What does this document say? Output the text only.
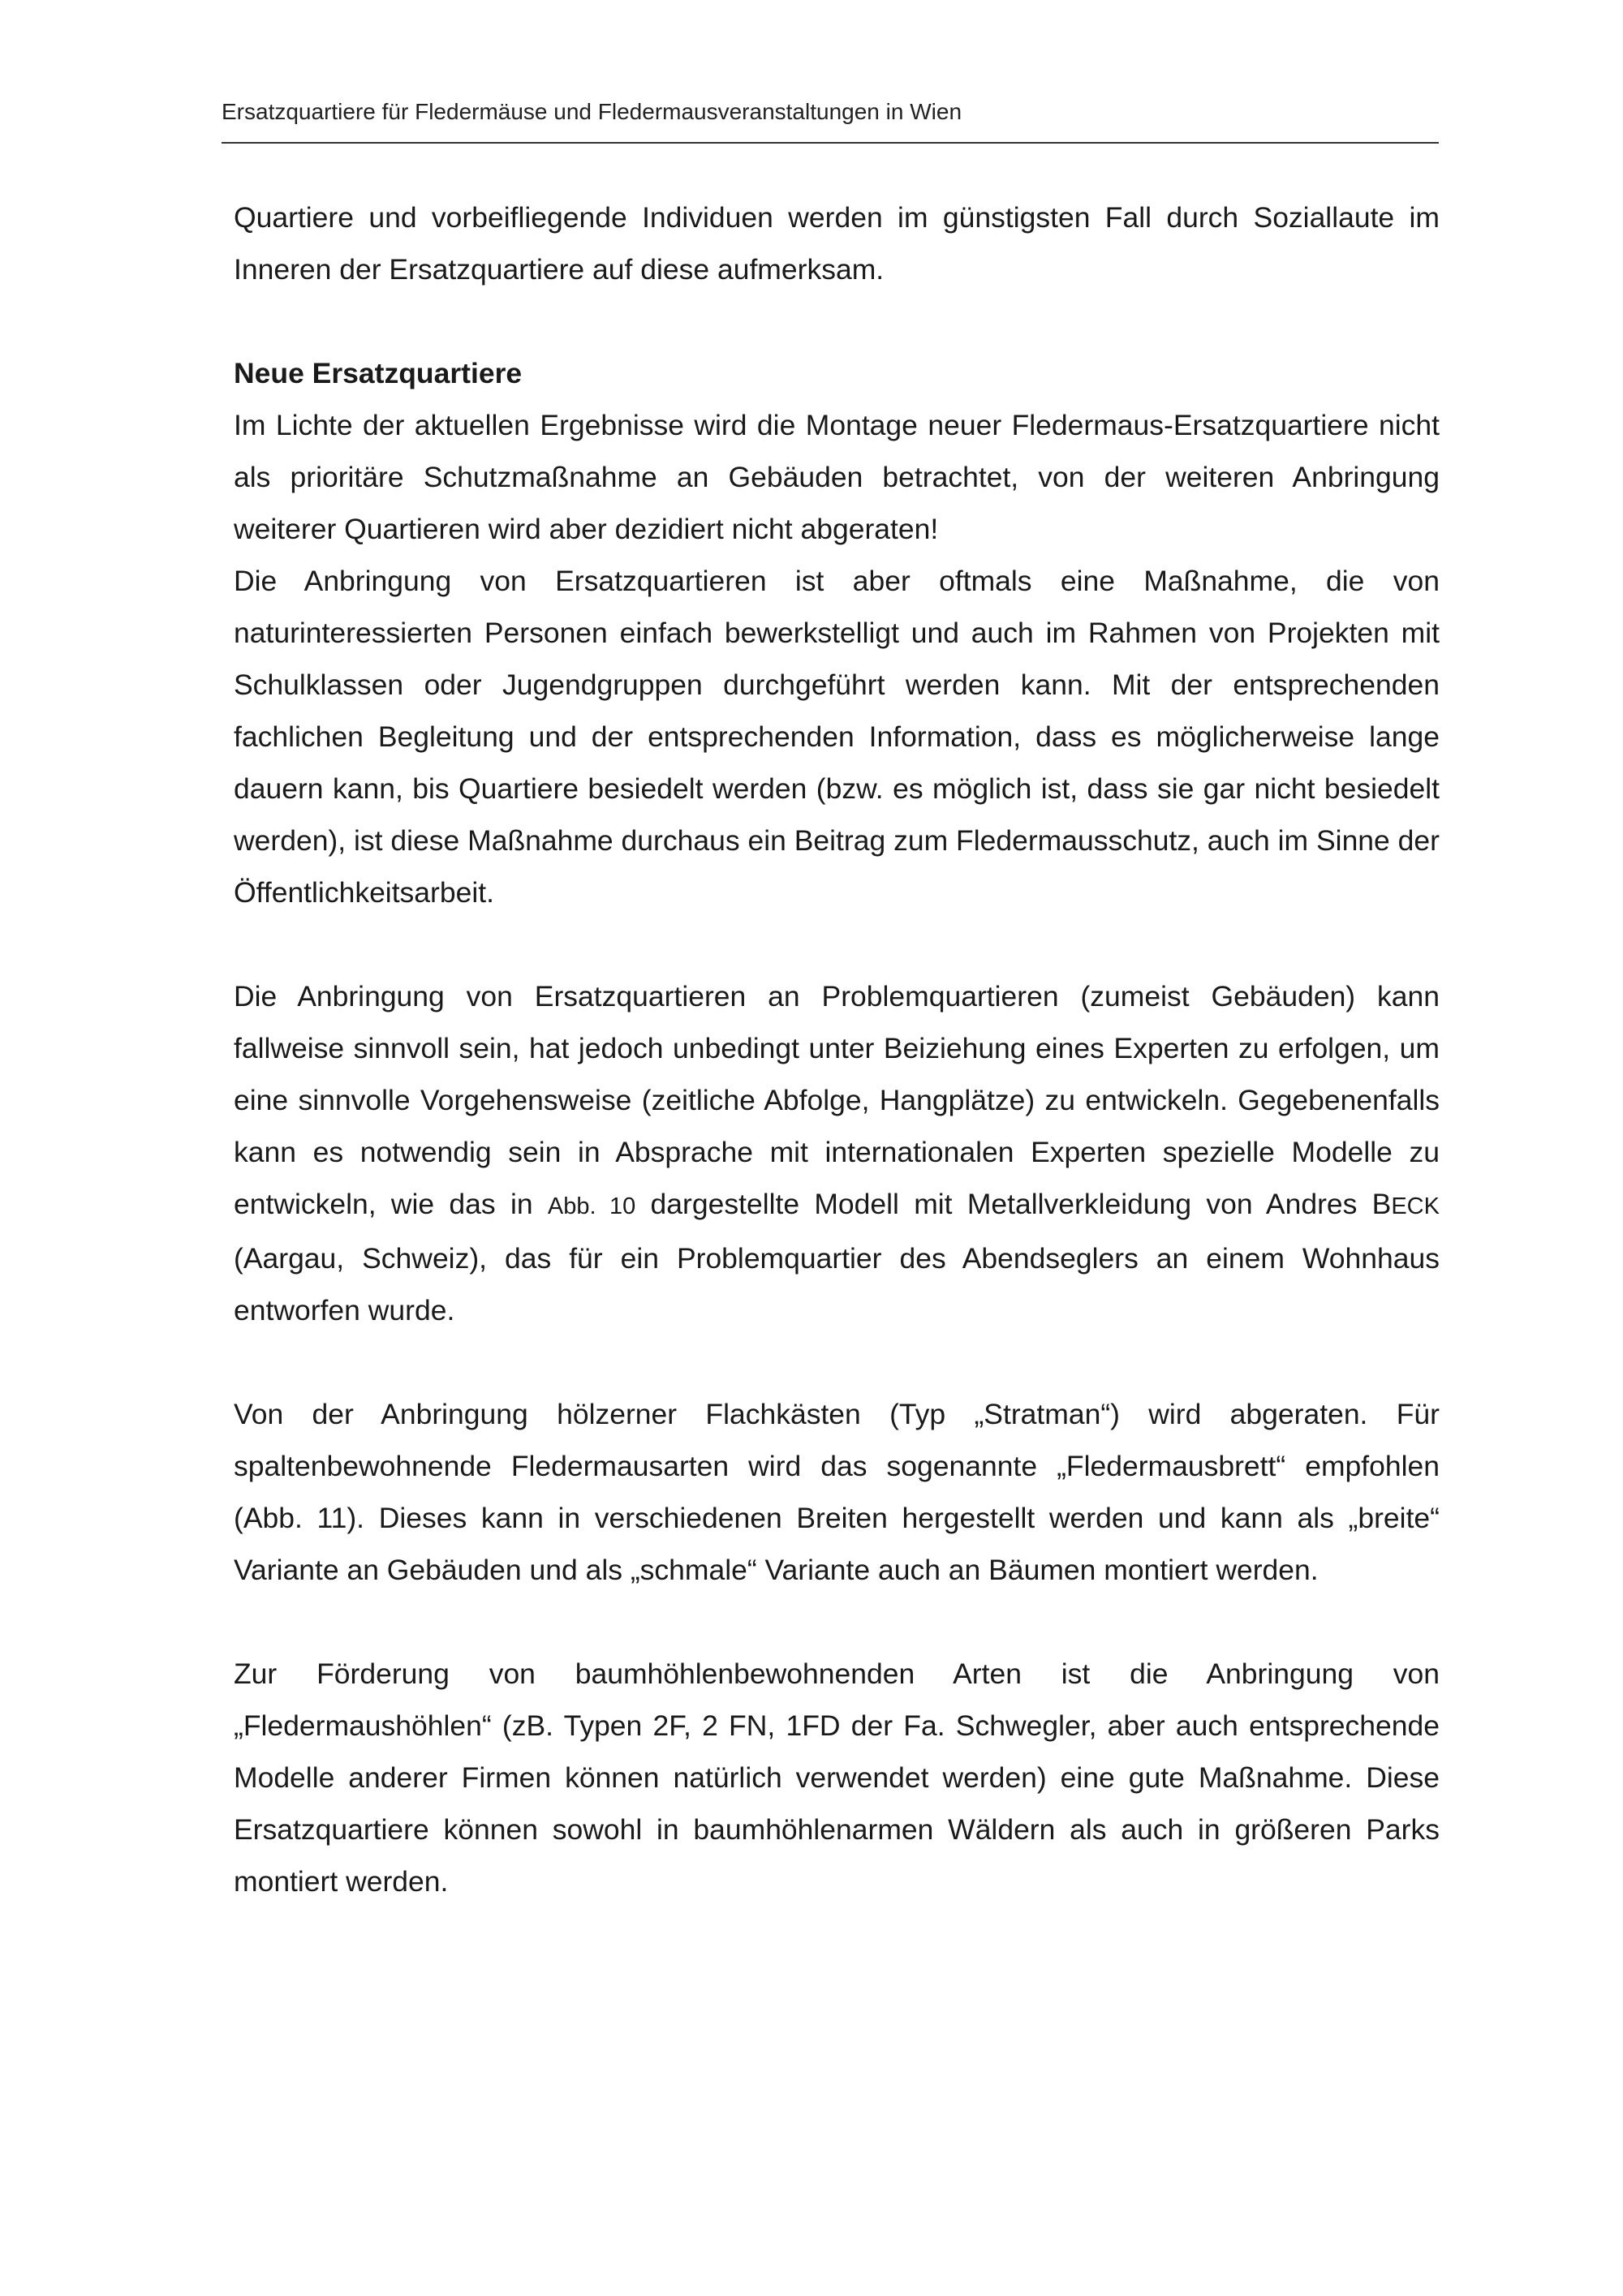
Ersatzquartiere für Fledermäuse und Fledermausveranstaltungen in Wien

Quartiere und vorbeifliegende Individuen werden im günstigsten Fall durch Soziallaute im Inneren der Ersatzquartiere auf diese aufmerksam.

Neue Ersatzquartiere

Im Lichte der aktuellen Ergebnisse wird die Montage neuer Fledermaus-Ersatzquartiere nicht als prioritäre Schutzmaßnahme an Gebäuden betrachtet, von der weiteren Anbringung weiterer Quartieren wird aber dezidiert nicht abgeraten!

Die Anbringung von Ersatzquartieren ist aber oftmals eine Maßnahme, die von naturinteressierten Personen einfach bewerkstelligt und auch im Rahmen von Projekten mit Schulklassen oder Jugendgruppen durchgeführt werden kann. Mit der entsprechenden fachlichen Begleitung und der entsprechenden Information, dass es möglicherweise lange dauern kann, bis Quartiere besiedelt werden (bzw. es möglich ist, dass sie gar nicht besiedelt werden), ist diese Maßnahme durchaus ein Beitrag zum Fledermausschutz, auch im Sinne der Öffentlichkeitsarbeit.

Die Anbringung von Ersatzquartieren an Problemquartieren (zumeist Gebäuden) kann fallweise sinnvoll sein, hat jedoch unbedingt unter Beiziehung eines Experten zu erfolgen, um eine sinnvolle Vorgehensweise (zeitliche Abfolge, Hangplätze) zu entwickeln. Gegebenenfalls kann es notwendig sein in Absprache mit internationalen Experten spezielle Modelle zu entwickeln, wie das in Abb. 10 dargestellte Modell mit Metallverkleidung von Andres BECK (Aargau, Schweiz), das für ein Problemquartier des Abendseglers an einem Wohnhaus entworfen wurde.

Von der Anbringung hölzerner Flachkästen (Typ „Stratman“) wird abgeraten. Für spaltenbewohnende Fledermausarten wird das sogenannte „Fledermausbrett“ empfohlen (Abb. 11). Dieses kann in verschiedenen Breiten hergestellt werden und kann als „breite“ Variante an Gebäuden und als „schmale“ Variante auch an Bäumen montiert werden.

Zur Förderung von baumhöhlenbewohnenden Arten ist die Anbringung von „Fledermaushöhlen“ (zB. Typen 2F, 2 FN, 1FD der Fa. Schwegler, aber auch entsprechende Modelle anderer Firmen können natürlich verwendet werden) eine gute Maßnahme. Diese Ersatzquartiere können sowohl in baumhöhlenarmen Wäldern als auch in größeren Parks montiert werden.
